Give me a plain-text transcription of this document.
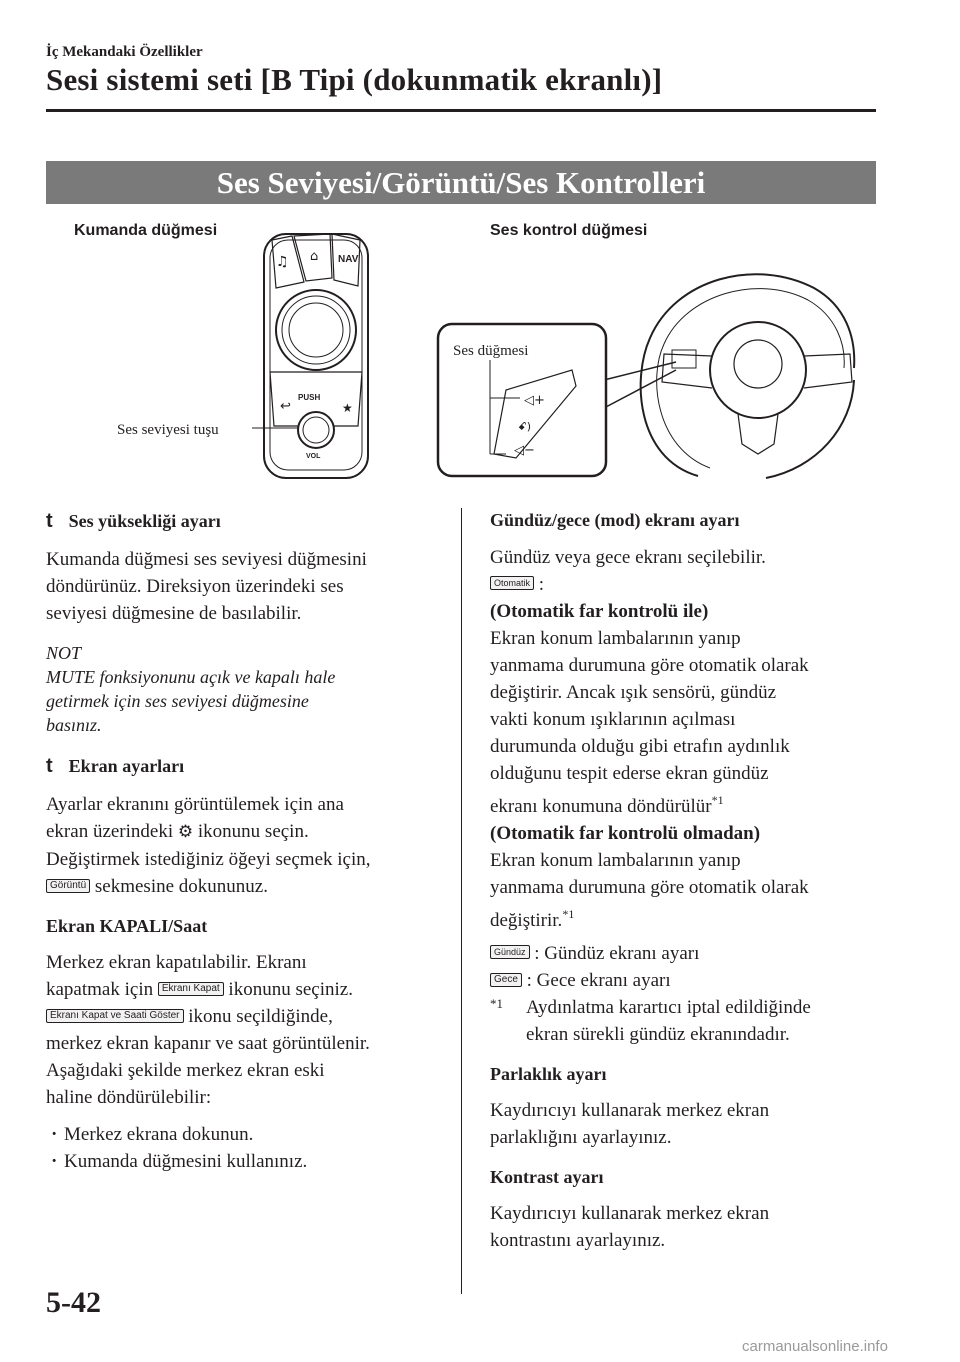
İç Mekandaki Özellikler
Sesi sistemi seti [B Tipi (dokunmatik ekranlı)]
Ses Seviyesi/Görüntü/Ses Kontrolleri
Kumanda düğmesi
Ses seviyesi tuşu
Ses kontrol düğmesi
♫ ⌂ NAV
↩	★
PUSH
VOL
◁+
ꗃ)
◁−
Ses düğmesi

t Ses yüksekliği ayarı

Kumanda düğmesi ses seviyesi düğmesini

döndürünüz. Direksiyon üzerindeki ses

seviyesi düğmesine de basılabilir.

NOT

MUTE fonksiyonunu açık ve kapalı hale

getirmek için ses seviyesi düğmesine

basınız.

t Ekran ayarları

Ayarlar ekranını görüntülemek için ana

ekran üzerindeki ⚙ ikonunu seçin.

Değiştirmek istediğiniz öğeyi seçmek için,

Görüntü sekmesine dokununuz.

Ekran KAPALI/Saat

Merkez ekran kapatılabilir. Ekranı

kapatmak için Ekranı Kapat ikonunu seçiniz.

Ekranı Kapat ve Saati Göster ikonu seçildiğinde,

merkez ekran kapanır ve saat görüntülenir.

Aşağıdaki şekilde merkez ekran eski

haline döndürülebilir:

· Merkez ekrana dokunun.
· Kumanda düğmesini kullanınız.

Gündüz/gece (mod) ekranı ayarı

Gündüz veya gece ekranı seçilebilir.

Otomatik :

(Otomatik far kontrolü ile)

Ekran konum lambalarının yanıp

yanmama durumuna göre otomatik olarak

değiştirir. Ancak ışık sensörü, gündüz

vakti konum ışıklarının açılması

durumunda olduğu gibi etrafın aydınlık

olduğunu tespit ederse ekran gündüz

ekranı konumuna döndürülür$^{*1}$

(Otomatik far kontrolü olmadan)

Ekran konum lambalarının yanıp

yanmama durumuna göre otomatik olarak

değiştirir.$^{*1}$

Gündüz : Gündüz ekranı ayarı

Gece : Gece ekranı ayarı

*1 Aydınlatma karartıcı iptal edildiğinde

ekran sürekli gündüz ekranındadır.

Parlaklık ayarı

Kaydırıcıyı kullanarak merkez ekran

parlaklığını ayarlayınız.

Kontrast ayarı

Kaydırıcıyı kullanarak merkez ekran

kontrastını ayarlayınız.

5-42
carmanualsonline.info
